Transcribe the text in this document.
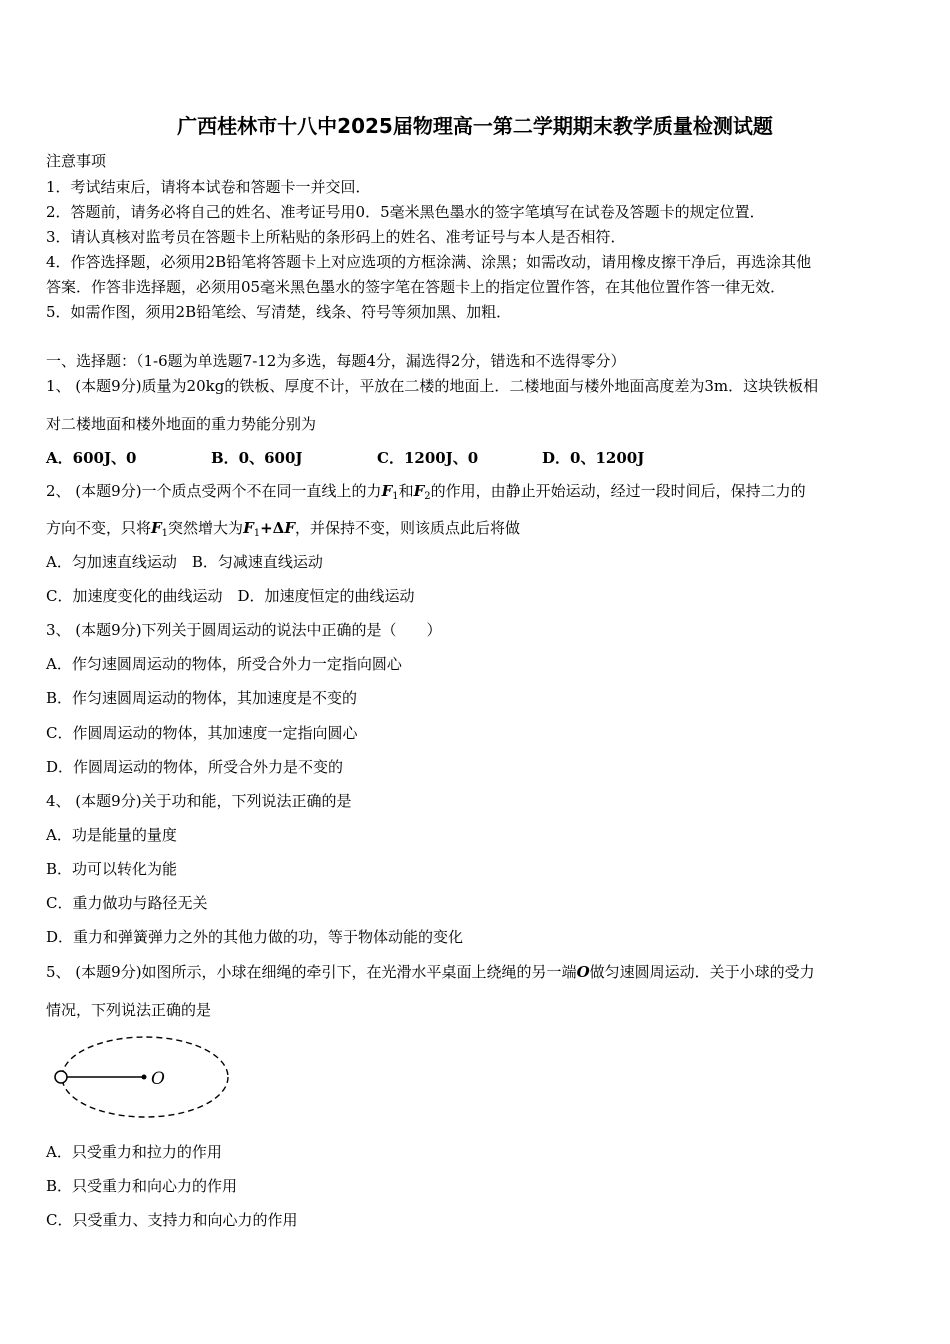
广西桂林市十八中2025届物理高一第二学期期末教学质量检测试题
注意事项
1．考试结束后，请将本试卷和答题卡一并交回．
2．答题前，请务必将自己的姓名、准考证号用0．5毫米黑色墨水的签字笔填写在试卷及答题卡的规定位置．
3．请认真核对监考员在答题卡上所粘贴的条形码上的姓名、准考证号与本人是否相符．
4．作答选择题，必须用2B铅笔将答题卡上对应选项的方框涂满、涂黑；如需改动，请用橡皮擦干净后，再选涂其他
答案．作答非选择题，必须用05毫米黑色墨水的签字笔在答题卡上的指定位置作答，在其他位置作答一律无效．
5．如需作图，须用2B铅笔绘、写清楚，线条、符号等须加黑、加粗．
一、选择题：（1-6题为单选题7-12为多选，每题4分，漏选得2分，错选和不选得零分）
1、 (本题9分)质量为20kg的铁板、厚度不计，平放在二楼的地面上．二楼地面与楼外地面高度差为3m．这块铁板相
对二楼地面和楼外地面的重力势能分别为
A．600J、0	B．0、600J	C．1200J、0	D．0、1200J
2、 (本题9分)一个质点受两个不在同一直线上的力$F_1$和$F_2$的作用，由静止开始运动，经过一段时间后，保持二力的
方向不变，只将$F_1$突然增大为$F_1+\Delta F$，并保持不变，则该质点此后将做
A．匀加速直线运动　B．匀减速直线运动
C．加速度变化的曲线运动　D．加速度恒定的曲线运动
3、 (本题9分)下列关于圆周运动的说法中正确的是（　　）
A．作匀速圆周运动的物体，所受合外力一定指向圆心
B．作匀速圆周运动的物体，其加速度是不变的
C．作圆周运动的物体，其加速度一定指向圆心
D．作圆周运动的物体，所受合外力是不变的
4、 (本题9分)关于功和能，下列说法正确的是
A．功是能量的量度
B．功可以转化为能
C．重力做功与路径无关
D．重力和弹簧弹力之外的其他力做的功，等于物体动能的变化
5、 (本题9分)如图所示，小球在细绳的牵引下，在光滑水平桌面上绕绳的另一端O做匀速圆周运动．关于小球的受力
情况，下列说法正确的是
O
A．只受重力和拉力的作用
B．只受重力和向心力的作用
C．只受重力、支持力和向心力的作用
